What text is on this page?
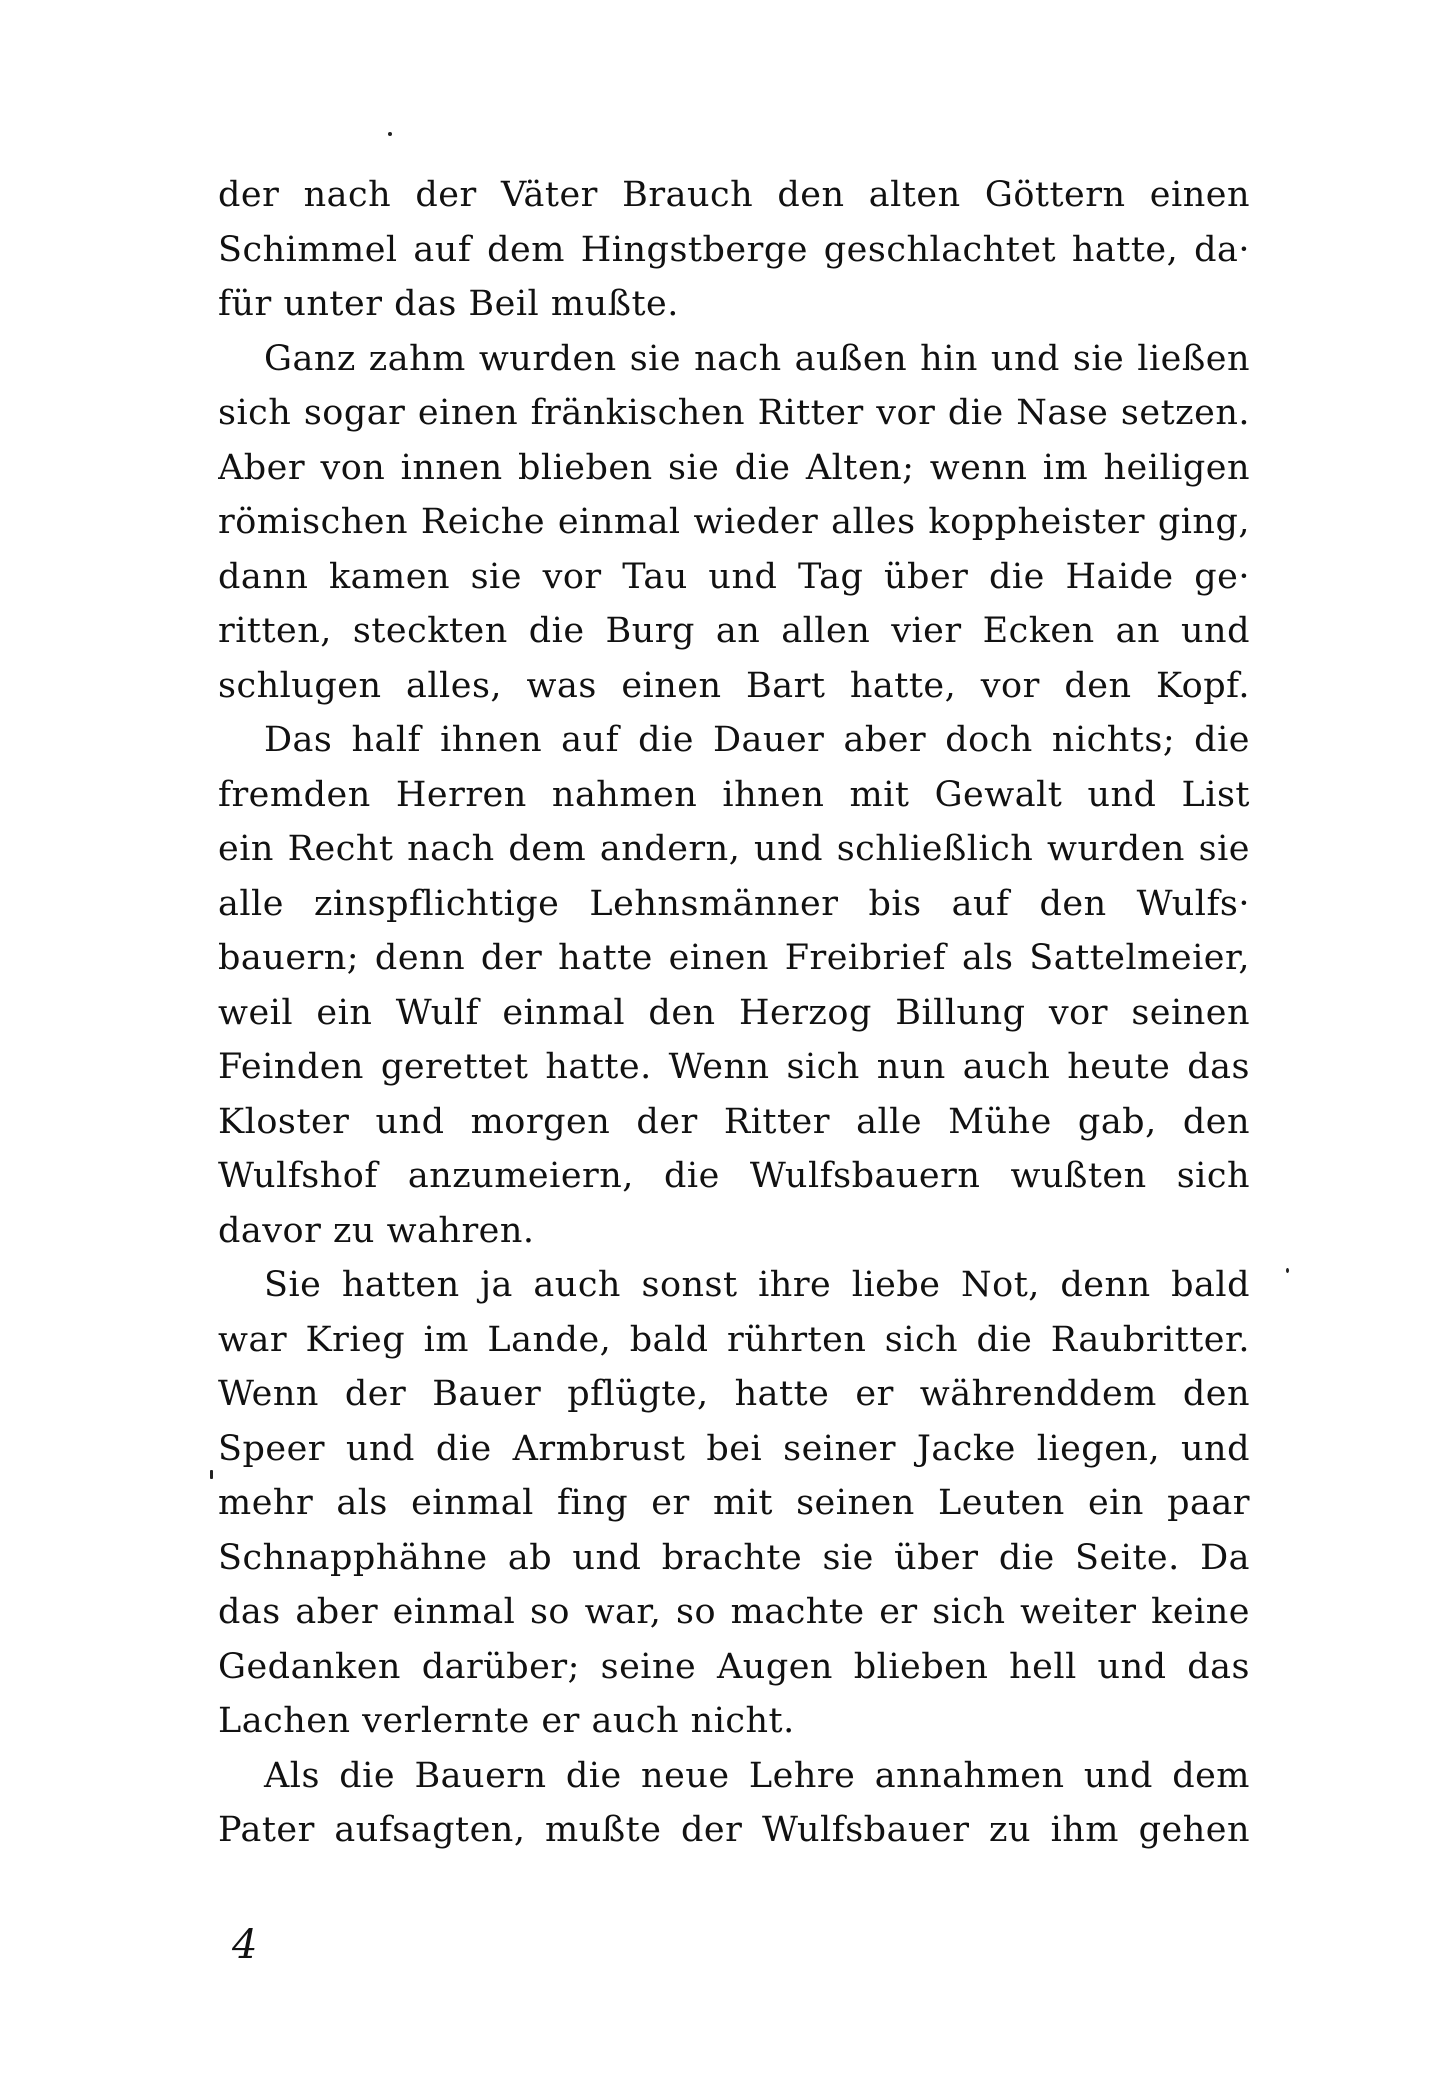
der nach der Väter Brauch den alten Göttern einen
Schimmel auf dem Hingstberge geschlachtet hatte, da·
für unter das Beil mußte.
Ganz zahm wurden sie nach außen hin und sie ließen
sich sogar einen fränkischen Ritter vor die Nase setzen.
Aber von innen blieben sie die Alten; wenn im heiligen
römischen Reiche einmal wieder alles koppheister ging,
dann kamen sie vor Tau und Tag über die Haide ge·
ritten, steckten die Burg an allen vier Ecken an und
schlugen alles, was einen Bart hatte, vor den Kopf.
Das half ihnen auf die Dauer aber doch nichts; die
fremden Herren nahmen ihnen mit Gewalt und List
ein Recht nach dem andern, und schließlich wurden sie
alle zinspflichtige Lehnsmänner bis auf den Wulfs·
bauern; denn der hatte einen Freibrief als Sattelmeier,
weil ein Wulf einmal den Herzog Billung vor seinen
Feinden gerettet hatte. Wenn sich nun auch heute das
Kloster und morgen der Ritter alle Mühe gab, den
Wulfshof anzumeiern, die Wulfsbauern wußten sich
davor zu wahren.
Sie hatten ja auch sonst ihre liebe Not, denn bald
war Krieg im Lande, bald rührten sich die Raubritter.
Wenn der Bauer pflügte, hatte er währenddem den
Speer und die Armbrust bei seiner Jacke liegen, und
mehr als einmal fing er mit seinen Leuten ein paar
Schnapphähne ab und brachte sie über die Seite. Da
das aber einmal so war, so machte er sich weiter keine
Gedanken darüber; seine Augen blieben hell und das
Lachen verlernte er auch nicht.
Als die Bauern die neue Lehre annahmen und dem
Pater aufsagten, mußte der Wulfsbauer zu ihm gehen
4
